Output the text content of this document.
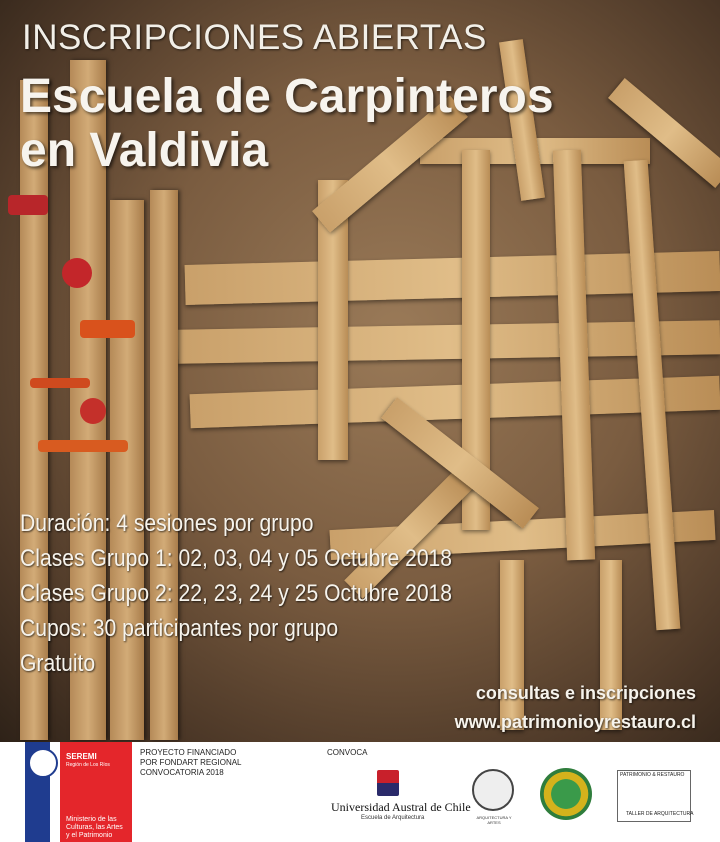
INSCRIPCIONES ABIERTAS
Escuela de Carpinteros
en Valdivia
Duración: 4 sesiones por grupo
Clases Grupo 1: 02, 03, 04 y 05 Octubre 2018
Clases Grupo 2: 22, 23, 24 y 25 Octubre 2018
Cupos: 30 participantes por grupo
Gratuito
consultas e inscripciones
www.patrimonioyrestauro.cl
SEREMI
Región de Los Ríos
Ministerio de las
Culturas, las Artes
y el Patrimonio
PROYECTO FINANCIADO
POR FONDART REGIONAL
CONVOCATORIA 2018
CONVOCA
Universidad Austral de Chile
Escuela de Arquitectura	ARQUITECTURA Y ARTES
PATRIMONIO & RESTAURO
TALLER DE ARQUITECTURA
